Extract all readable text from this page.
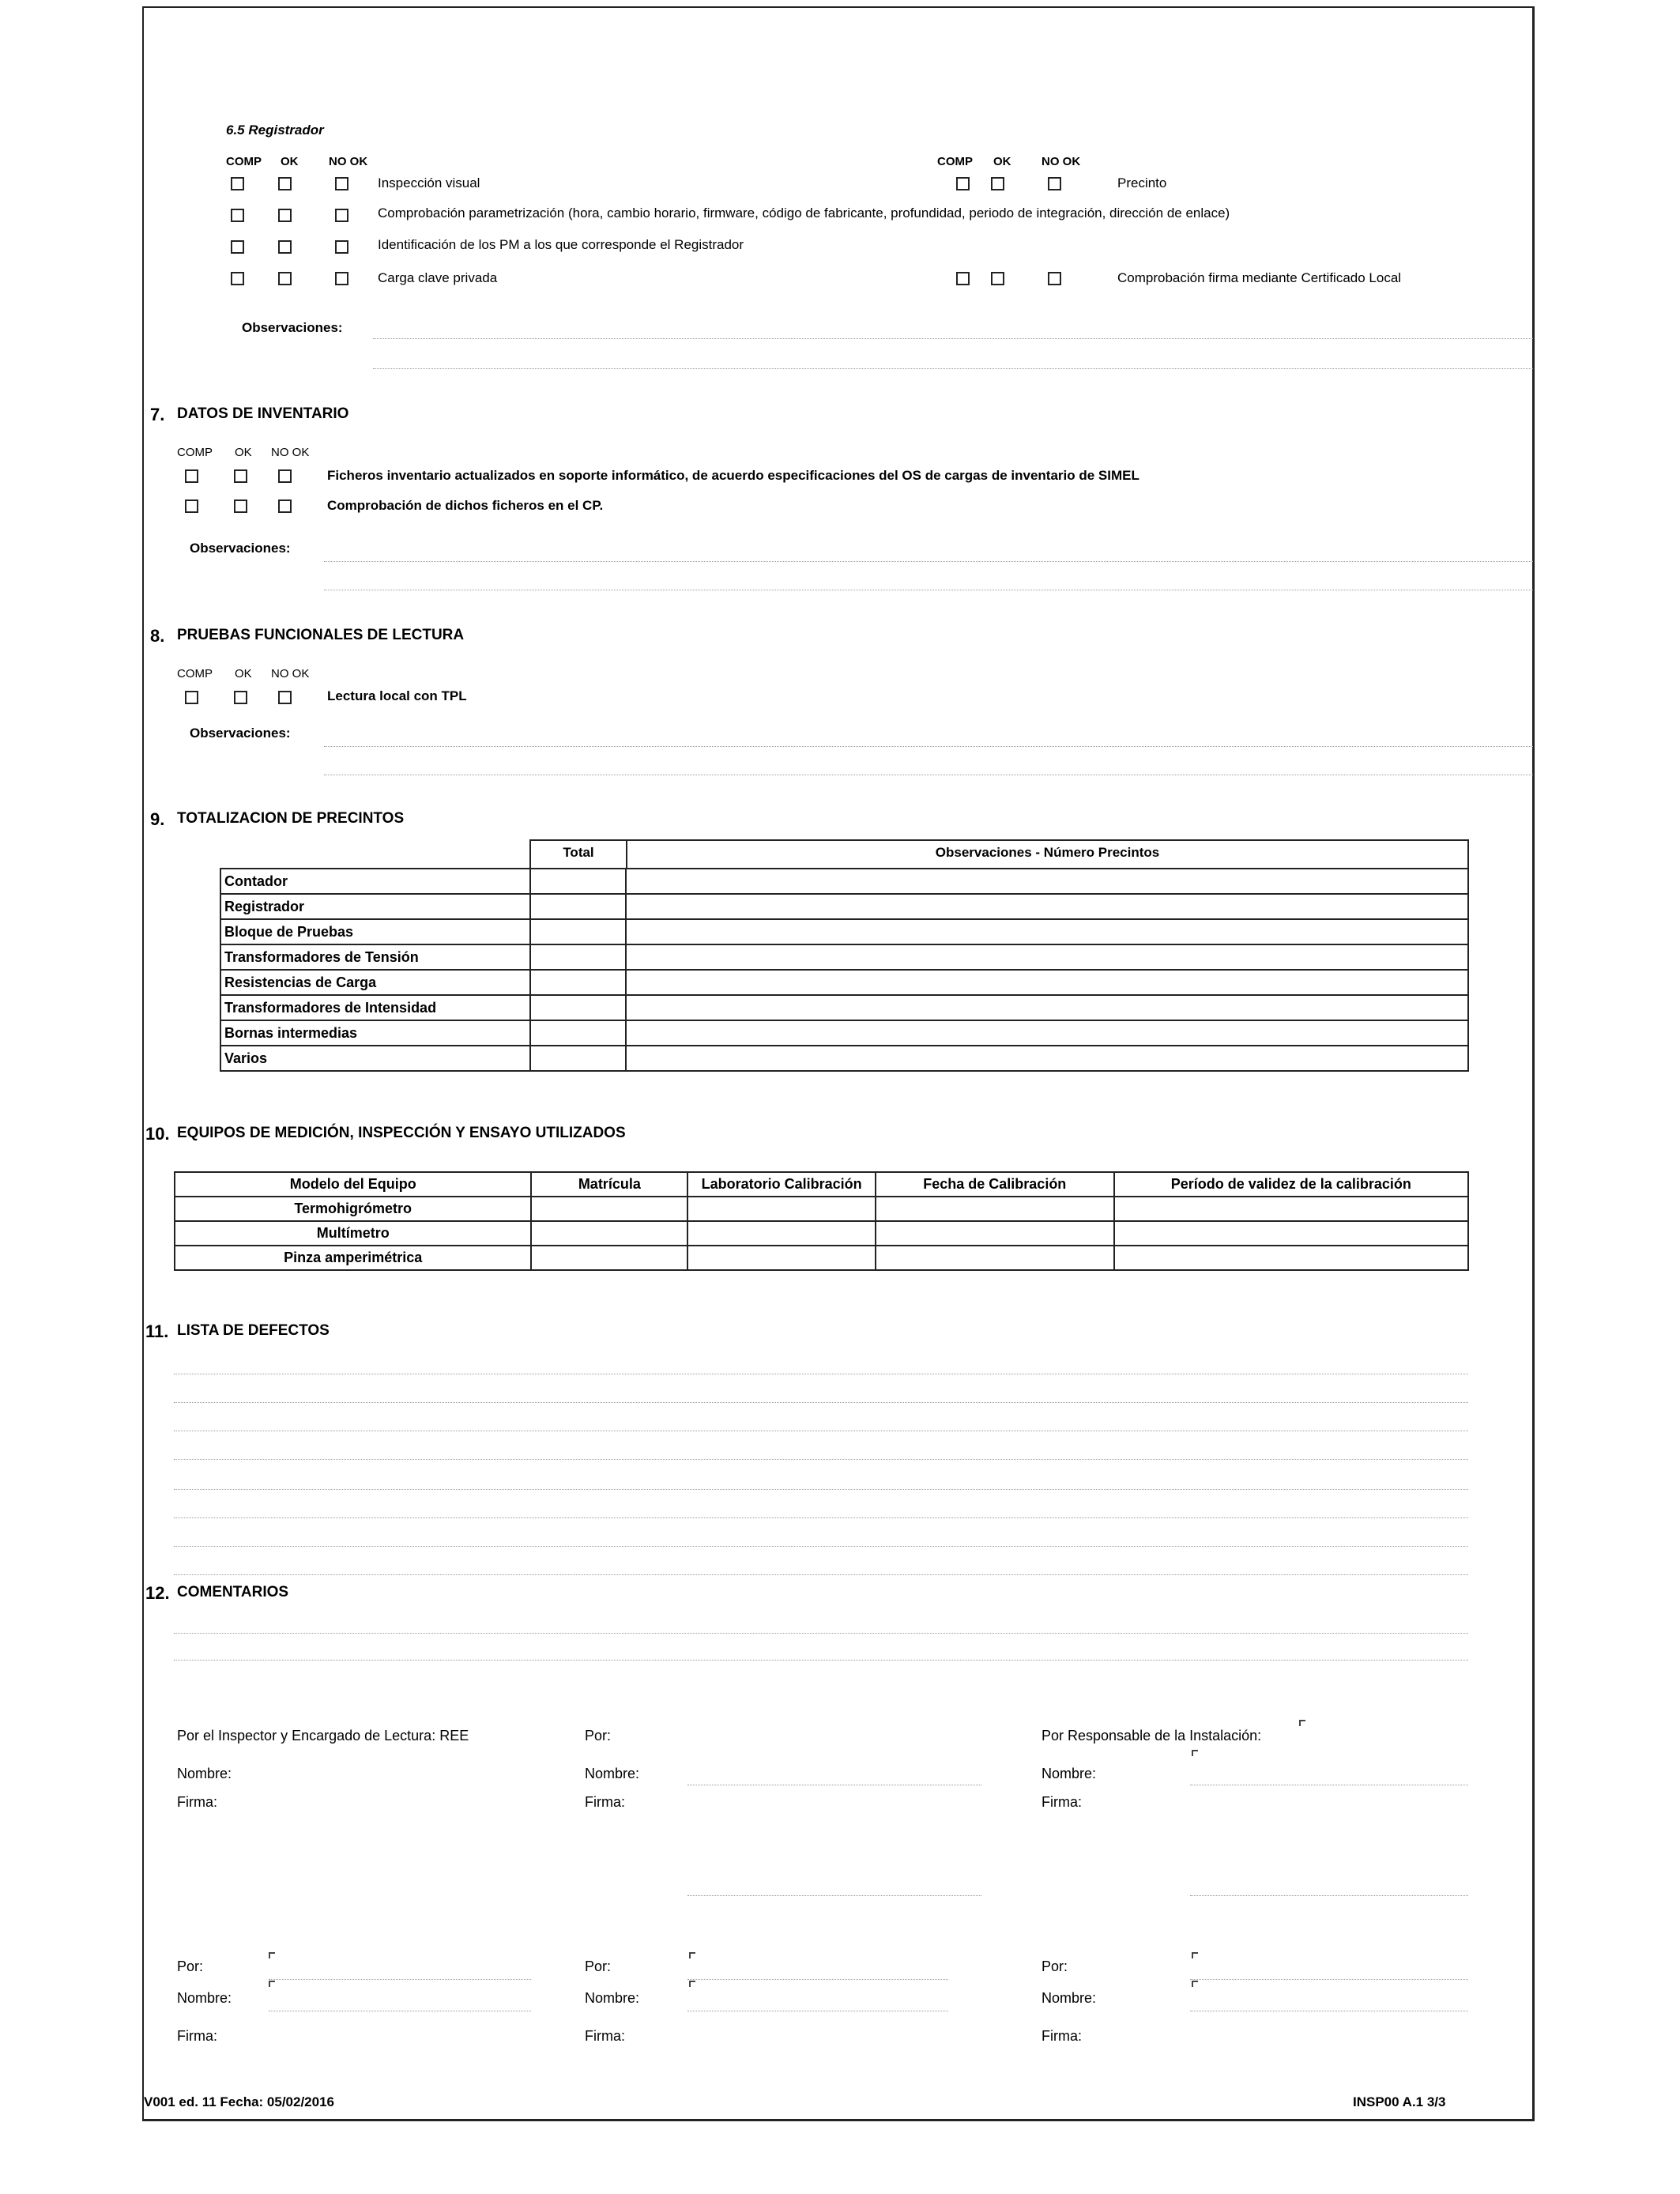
6.5 Registrador
COMP OK	NO OK	COMP OK	NO OK
Inspección visual	Precinto
Comprobación parametrización (hora, cambio horario, firmware, código de fabricante, profundidad, periodo de integración, dirección de enlace)
Identificación de los PM a los que corresponde el Registrador
Carga clave privada	Comprobación firma mediante Certificado Local
Observaciones:
7. DATOS DE INVENTARIO
COMP OK NO OK
Ficheros inventario actualizados en soporte informático, de acuerdo especificaciones del OS de cargas de inventario de SIMEL
Comprobación de dichos ficheros en el CP.
Observaciones:
8. PRUEBAS FUNCIONALES DE LECTURA
COMP OK NO OK
Lectura local con TPL
Observaciones:
9. TOTALIZACION DE PRECINTOS
Total	Observaciones - Número Precintos
Contador		
Registrador		
Bloque de Pruebas		
Transformadores de Tensión		
Resistencias de Carga		
Transformadores de Intensidad		
Bornas intermedias		
Varios		
10. EQUIPOS DE MEDICIÓN, INSPECCIÓN Y ENSAYO UTILIZADOS
Modelo del Equipo	Matrícula	Laboratorio Calibración	Fecha de Calibración	Período de validez de la calibración
Termohigrómetro				
Multímetro				
Pinza amperimétrica				
11. LISTA DE DEFECTOS
12. COMENTARIOS
Por el Inspector y Encargado de Lectura: REE	Por:	Por Responsable de la Instalación:
Nombre:	Nombre:	Nombre:
Firma:	Firma:	Firma:
Por:	Por:	Por:
Nombre:	Nombre:	Nombre:
Firma:	Firma:	Firma:
V001 ed. 11 Fecha: 05/02/2016	INSP00 A.1 3/3
